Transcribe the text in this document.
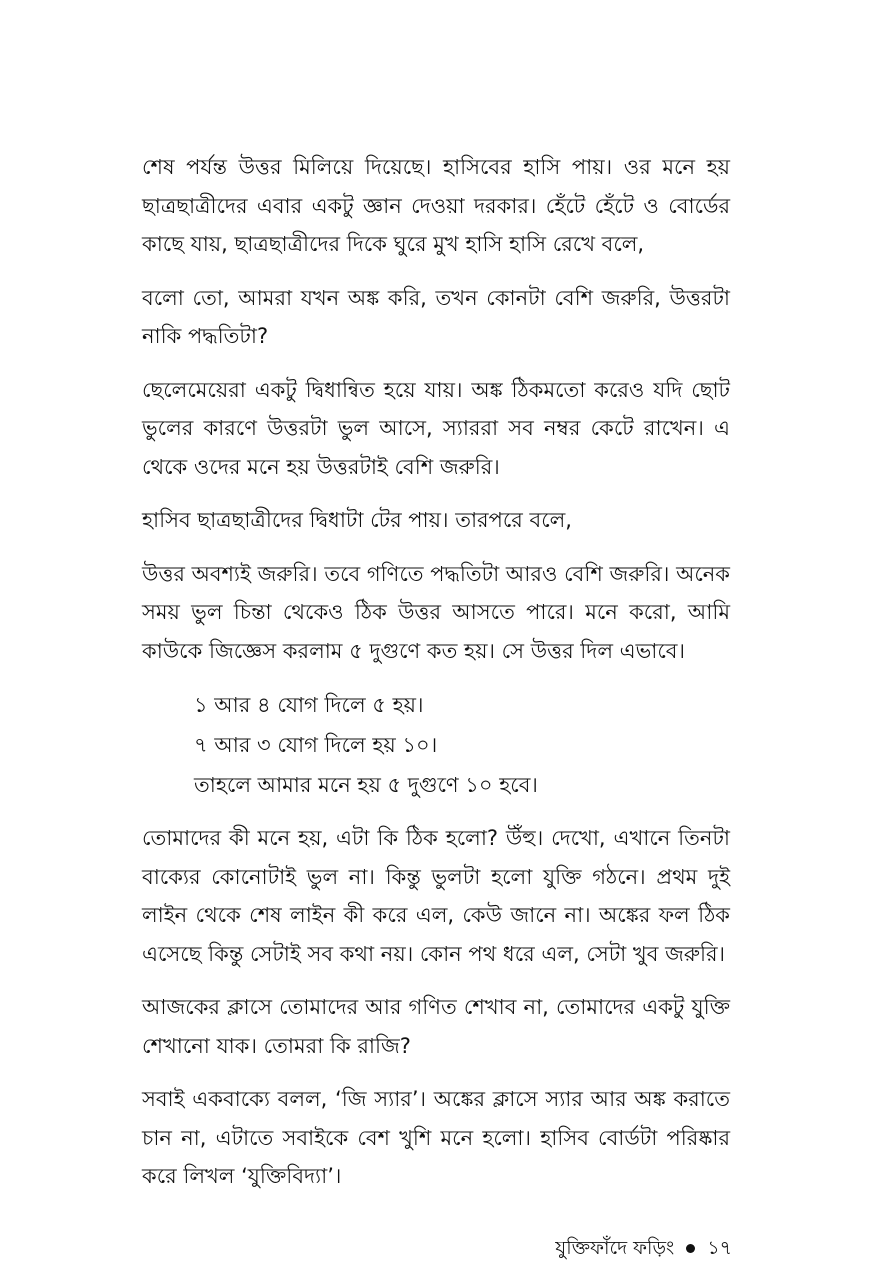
শেষ পর্যন্ত উত্তর মিলিয়ে দিয়েছে। হাসিবের হাসি পায়। ওর মনে হয় ছাত্রছাত্রীদের এবার একটু জ্ঞান দেওয়া দরকার। হেঁটে হেঁটে ও বোর্ডের কাছে যায়, ছাত্রছাত্রীদের দিকে ঘুরে মুখ হাসি হাসি রেখে বলে,

বলো তো, আমরা যখন অঙ্ক করি, তখন কোনটা বেশি জরুরি, উত্তরটা নাকি পদ্ধতিটা?

ছেলেমেয়েরা একটু দ্বিধান্বিত হয়ে যায়। অঙ্ক ঠিকমতো করেও যদি ছোট ভুলের কারণে উত্তরটা ভুল আসে, স্যাররা সব নম্বর কেটে রাখেন। এ থেকে ওদের মনে হয় উত্তরটাই বেশি জরুরি।

হাসিব ছাত্রছাত্রীদের দ্বিধাটা টের পায়। তারপরে বলে,

উত্তর অবশ্যই জরুরি। তবে গণিতে পদ্ধতিটা আরও বেশি জরুরি। অনেক সময় ভুল চিন্তা থেকেও ঠিক উত্তর আসতে পারে। মনে করো, আমি কাউকে জিজ্ঞেস করলাম ৫ দুগুণে কত হয়। সে উত্তর দিল এভাবে।

১ আর ৪ যোগ দিলে ৫ হয়।
৭ আর ৩ যোগ দিলে হয় ১০।
তাহলে আমার মনে হয় ৫ দুগুণে ১০ হবে।

তোমাদের কী মনে হয়, এটা কি ঠিক হলো? উঁহু। দেখো, এখানে তিনটা বাক্যের কোনোটাই ভুল না। কিন্তু ভুলটা হলো যুক্তি গঠনে। প্রথম দুই লাইন থেকে শেষ লাইন কী করে এল, কেউ জানে না। অঙ্কের ফল ঠিক এসেছে কিন্তু সেটাই সব কথা নয়। কোন পথ ধরে এল, সেটা খুব জরুরি।

আজকের ক্লাসে তোমাদের আর গণিত শেখাব না, তোমাদের একটু যুক্তি শেখানো যাক। তোমরা কি রাজি?

সবাই একবাক্যে বলল, ‘জি স্যার’। অঙ্কের ক্লাসে স্যার আর অঙ্ক করাতে চান না, এটাতে সবাইকে বেশ খুশি মনে হলো। হাসিব বোর্ডটা পরিষ্কার করে লিখল ‘যুক্তিবিদ্যা’।

যুক্তিফাঁদে ফড়িং ১৭
